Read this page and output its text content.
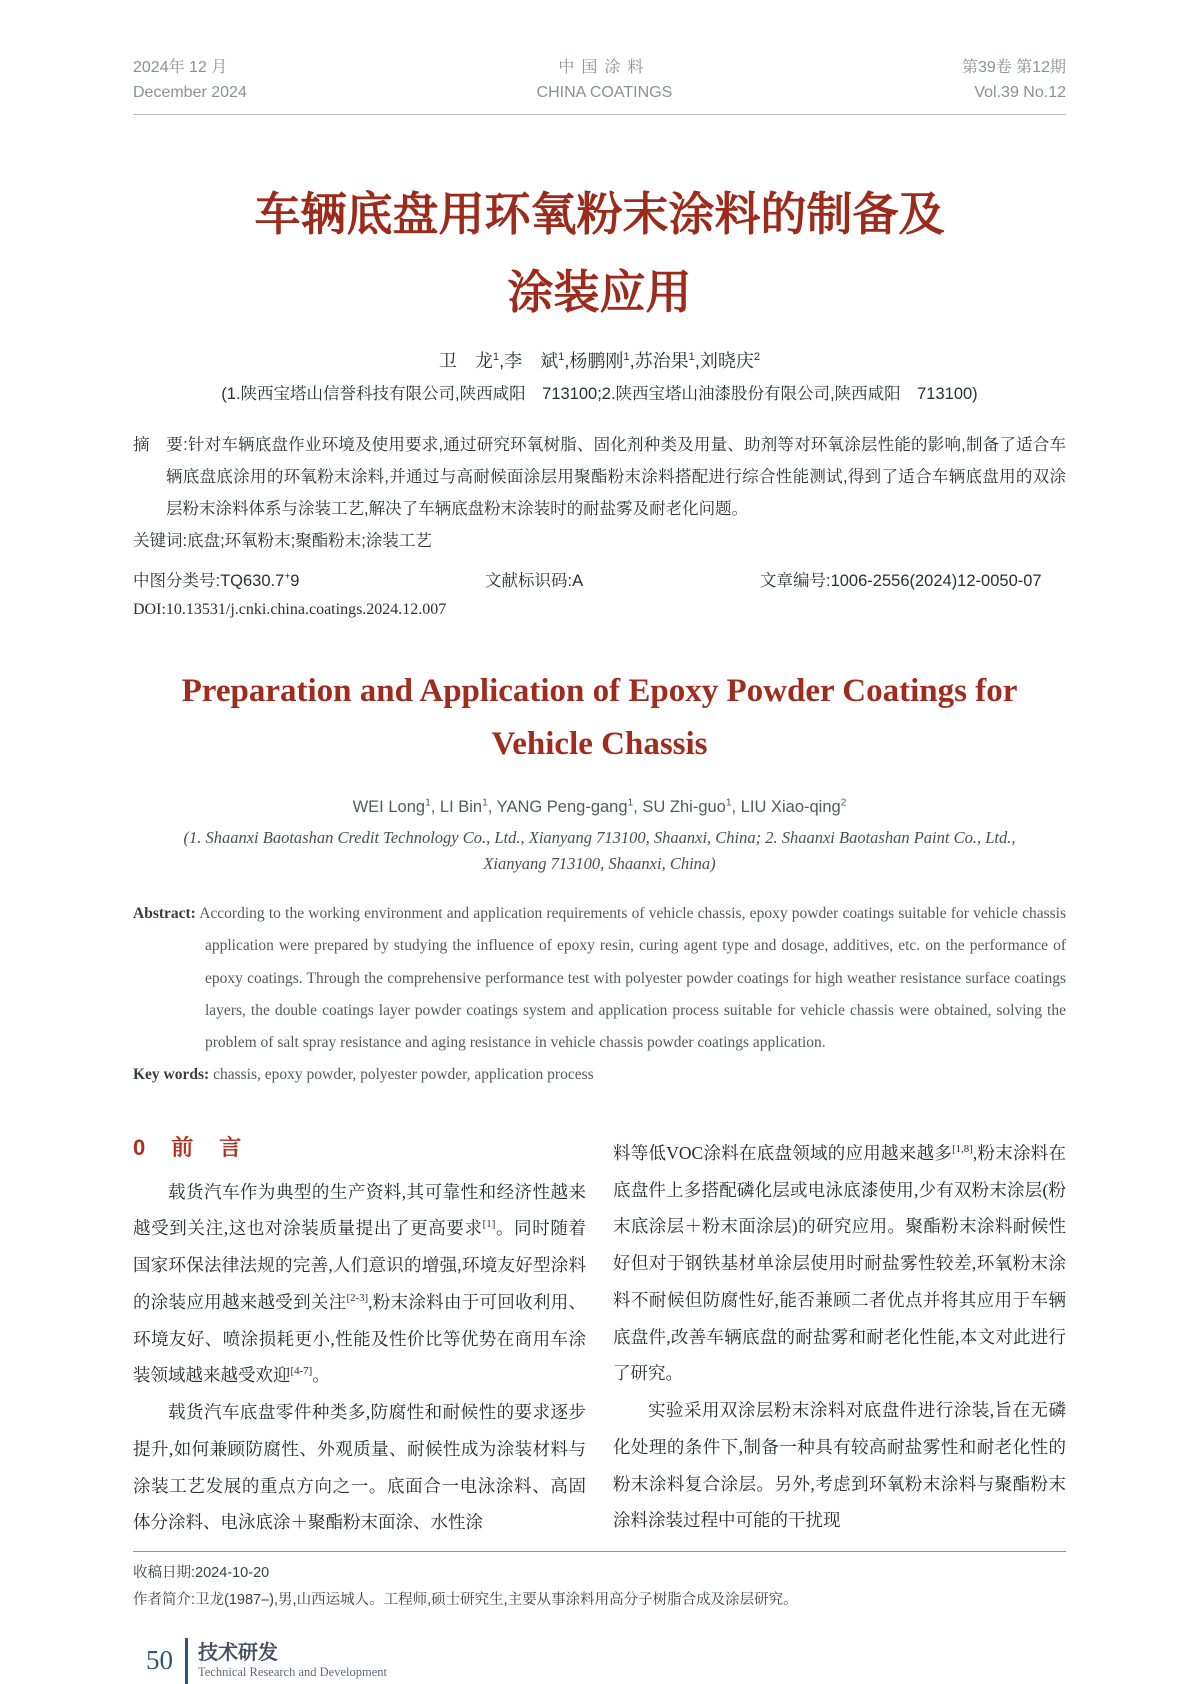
2024年 12 月
December 2024
中国涂料
CHINA COATINGS
第39卷 第12期
Vol.39 No.12
车辆底盘用环氧粉末涂料的制备及
涂装应用
卫　龙$^1$,李　斌$^1$,杨鹏刚$^1$,苏治果$^1$,刘晓庆$^2$
(1.陕西宝塔山信誉科技有限公司,陕西咸阳　713100;2.陕西宝塔山油漆股份有限公司,陕西咸阳　713100)

摘　要:针对车辆底盘作业环境及使用要求,通过研究环氧树脂、固化剂种类及用量、助剂等对环氧涂层性能的影响,制备了适合车辆底盘底涂用的环氧粉末涂料,并通过与高耐候面涂层用聚酯粉末涂料搭配进行综合性能测试,得到了适合车辆底盘用的双涂层粉末涂料体系与涂装工艺,解决了车辆底盘粉末涂装时的耐盐雾及耐老化问题。

关键词:底盘;环氧粉末;聚酯粉末;涂装工艺

中图分类号:TQ630.7+9	文献标识码:A	文章编号:1006-2556(2024)12-0050-07
DOI:10.13531/j.cnki.china.coatings.2024.12.007
Preparation and Application of Epoxy Powder Coatings for
Vehicle Chassis
WEI Long$^1$, LI Bin$^1$, YANG Peng-gang$^1$, SU Zhi-guo$^1$, LIU Xiao-qing$^2$
(1. Shaanxi Baotashan Credit Technology Co., Ltd., Xianyang 713100, Shaanxi, China; 2. Shaanxi Baotashan Paint Co., Ltd.,
Xianyang 713100, Shaanxi, China)

Abstract: According to the working environment and application requirements of vehicle chassis, epoxy powder coatings suitable for vehicle chassis application were prepared by studying the influence of epoxy resin, curing agent type and dosage, additives, etc. on the performance of epoxy coatings. Through the comprehensive performance test with polyester powder coatings for high weather resistance surface coatings layers, the double coatings layer powder coatings system and application process suitable for vehicle chassis were obtained, solving the problem of salt spray resistance and aging resistance in vehicle chassis powder coatings application.

Key words: chassis, epoxy powder, polyester powder, application process

0　前　言

载货汽车作为典型的生产资料,其可靠性和经济性越来越受到关注,这也对涂装质量提出了更高要求[1]。同时随着国家环保法律法规的完善,人们意识的增强,环境友好型涂料的涂装应用越来越受到关注[2-3],粉末涂料由于可回收利用、环境友好、喷涂损耗更小,性能及性价比等优势在商用车涂装领域越来越受欢迎[4-7]。

载货汽车底盘零件种类多,防腐性和耐候性的要求逐步提升,如何兼顾防腐性、外观质量、耐候性成为涂装材料与涂装工艺发展的重点方向之一。底面合一电泳涂料、高固体分涂料、电泳底涂＋聚酯粉末面涂、水性涂

料等低VOC涂料在底盘领域的应用越来越多[1,8],粉末涂料在底盘件上多搭配磷化层或电泳底漆使用,少有双粉末涂层(粉末底涂层＋粉末面涂层)的研究应用。聚酯粉末涂料耐候性好但对于钢铁基材单涂层使用时耐盐雾性较差,环氧粉末涂料不耐候但防腐性好,能否兼顾二者优点并将其应用于车辆底盘件,改善车辆底盘的耐盐雾和耐老化性能,本文对此进行了研究。

实验采用双涂层粉末涂料对底盘件进行涂装,旨在无磷化处理的条件下,制备一种具有较高耐盐雾性和耐老化性的粉末涂料复合涂层。另外,考虑到环氧粉末涂料与聚酯粉末涂料涂装过程中可能的干扰现

收稿日期:2024-10-20
作者简介:卫龙(1987–),男,山西运城人。工程师,硕士研究生,主要从事涂料用高分子树脂合成及涂层研究。
50 技术研发
Technical Research and Development
